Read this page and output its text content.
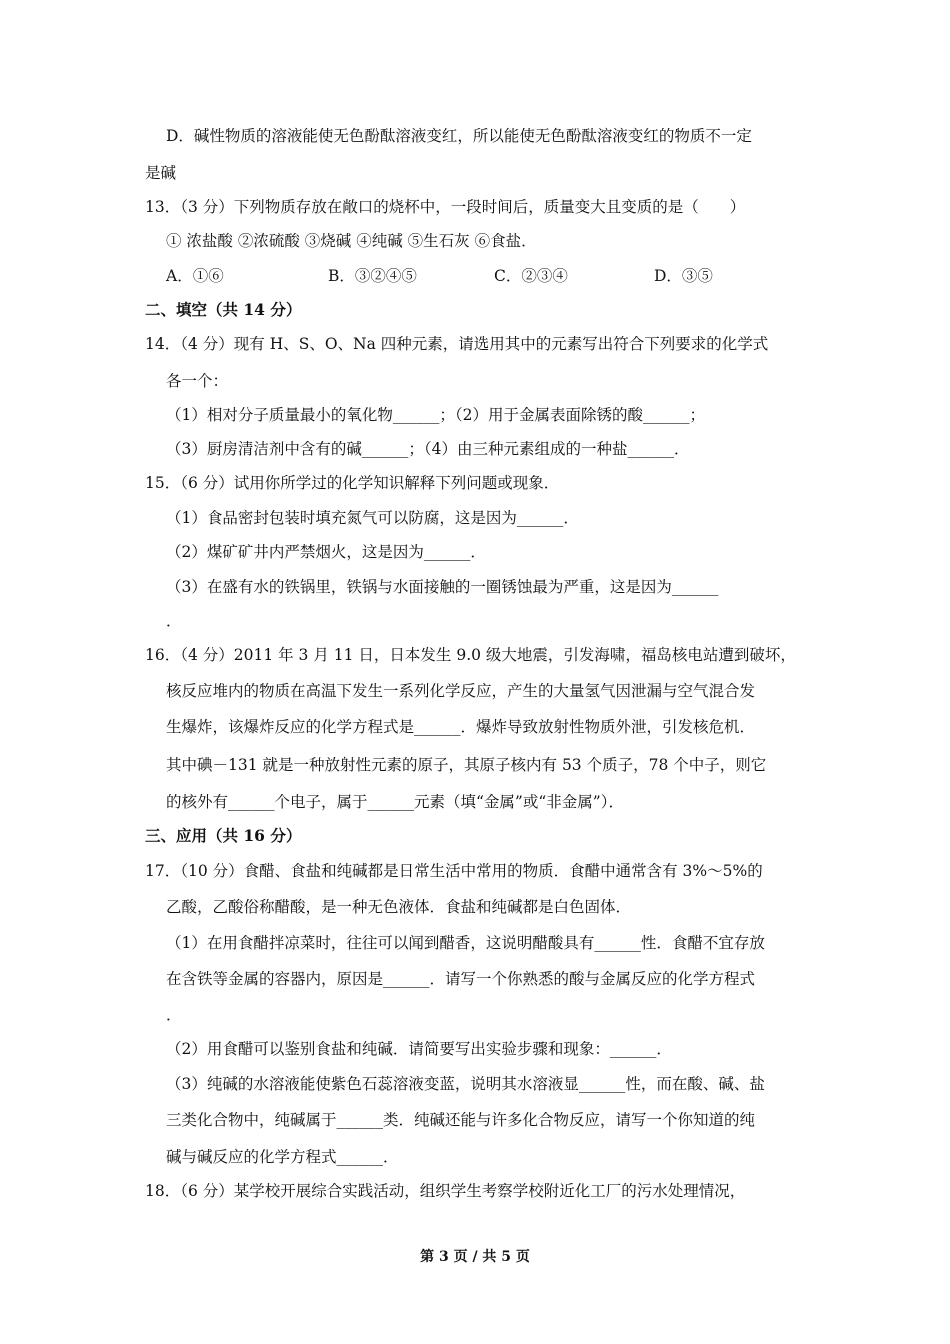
D．碱性物质的溶液能使无色酚酞溶液变红，所以能使无色酚酞溶液变红的物质不一定
是碱
13．（3 分）下列物质存放在敞口的烧杯中，一段时间后，质量变大且变质的是（　　）
① 浓盐酸 ②浓硫酸 ③烧碱 ④纯碱 ⑤生石灰 ⑥食盐．
A．①⑥	B．③②④⑤	C．②③④	D．③⑤
二、填空（共 14 分）
14．（4 分）现有 H、S、O、Na 四种元素，请选用其中的元素写出符合下列要求的化学式
各一个：
（1）相对分子质量最小的氧化物______；（2）用于金属表面除锈的酸______；
（3）厨房清洁剂中含有的碱______；（4）由三种元素组成的一种盐______．
15．（6 分）试用你所学过的化学知识解释下列问题或现象．
（1）食品密封包装时填充氮气可以防腐，这是因为______．
（2）煤矿矿井内严禁烟火，这是因为______．
（3）在盛有水的铁锅里，铁锅与水面接触的一圈锈蚀最为严重，这是因为______
．
16．（4 分）2011 年 3 月 11 日，日本发生 9.0 级大地震，引发海啸，福岛核电站遭到破坏，
核反应堆内的物质在高温下发生一系列化学反应，产生的大量氢气因泄漏与空气混合发
生爆炸，该爆炸反应的化学方程式是______．爆炸导致放射性物质外泄，引发核危机．
其中碘－131 就是一种放射性元素的原子，其原子核内有 53 个质子，78 个中子，则它
的核外有______个电子，属于______元素（填“金属”或“非金属”）．
三、应用（共 16 分）
17．（10 分）食醋、食盐和纯碱都是日常生活中常用的物质．食醋中通常含有 3%～5%的
乙酸，乙酸俗称醋酸，是一种无色液体．食盐和纯碱都是白色固体．
（1）在用食醋拌凉菜时，往往可以闻到醋香，这说明醋酸具有______性．食醋不宜存放
在含铁等金属的容器内，原因是______．请写一个你熟悉的酸与金属反应的化学方程式
．
（2）用食醋可以鉴别食盐和纯碱．请简要写出实验步骤和现象：______．
（3）纯碱的水溶液能使紫色石蕊溶液变蓝，说明其水溶液显______性，而在酸、碱、盐
三类化合物中，纯碱属于______类．纯碱还能与许多化合物反应，请写一个你知道的纯
碱与碱反应的化学方程式______．
18．（6 分）某学校开展综合实践活动，组织学生考察学校附近化工厂的污水处理情况，
第 3 页 / 共 5 页
